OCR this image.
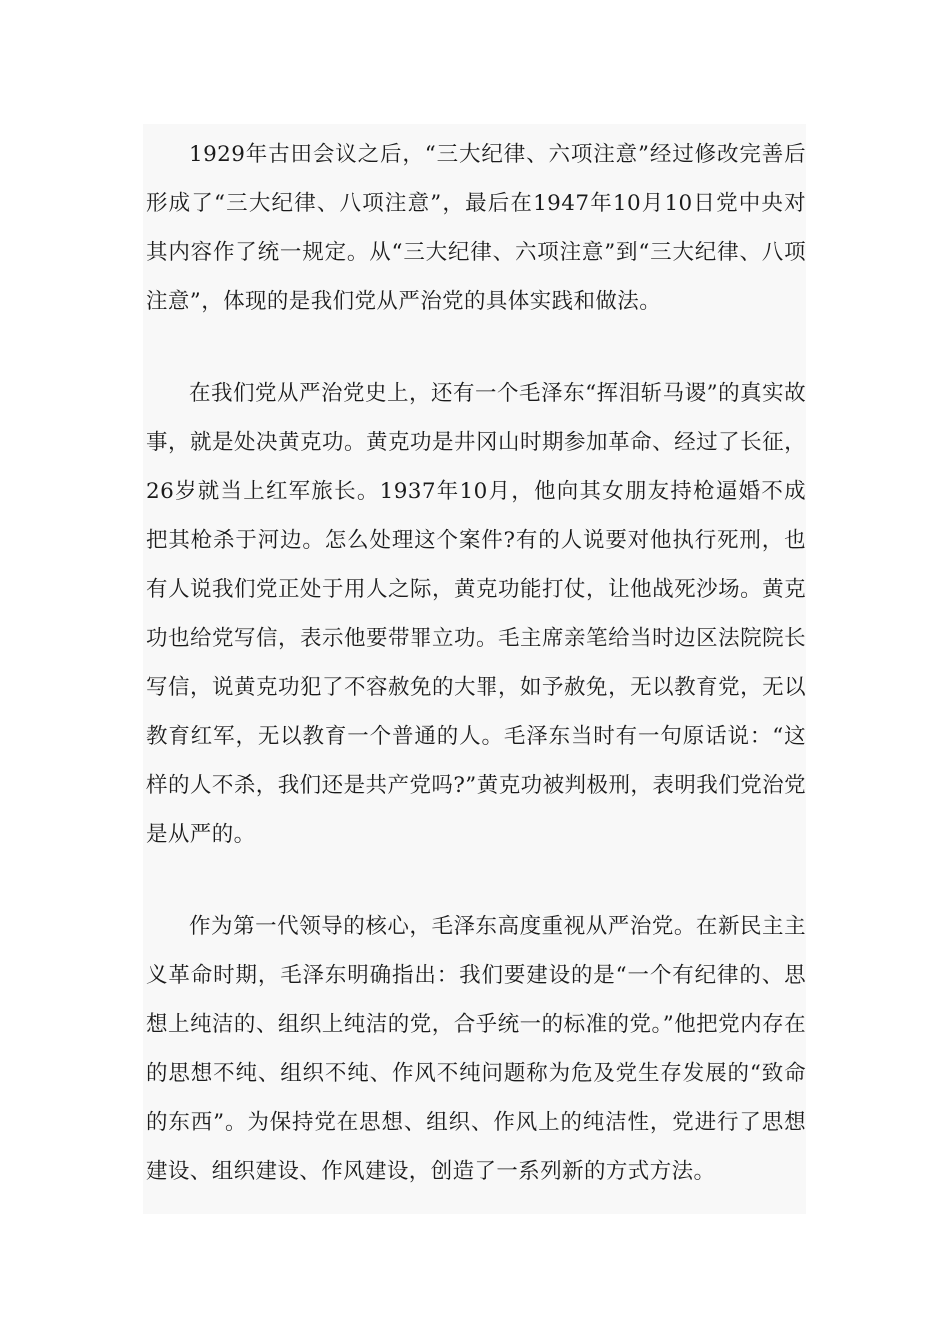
1929年古田会议之后，“三大纪律、六项注意”经过修改完善后形成了“三大纪律、八项注意”，最后在1947年10月10日党中央对其内容作了统一规定。从“三大纪律、六项注意”到“三大纪律、八项注意”，体现的是我们党从严治党的具体实践和做法。

在我们党从严治党史上，还有一个毛泽东“挥泪斩马谡”的真实故事，就是处决黄克功。黄克功是井冈山时期参加革命、经过了长征，26岁就当上红军旅长。1937年10月，他向其女朋友持枪逼婚不成把其枪杀于河边。怎么处理这个案件?有的人说要对他执行死刑，也有人说我们党正处于用人之际，黄克功能打仗，让他战死沙场。黄克功也给党写信，表示他要带罪立功。毛主席亲笔给当时边区法院院长写信，说黄克功犯了不容赦免的大罪，如予赦免，无以教育党，无以教育红军，无以教育一个普通的人。毛泽东当时有一句原话说：“这样的人不杀，我们还是共产党吗?”黄克功被判极刑，表明我们党治党是从严的。

作为第一代领导的核心，毛泽东高度重视从严治党。在新民主主义革命时期，毛泽东明确指出：我们要建设的是“一个有纪律的、思想上纯洁的、组织上纯洁的党，合乎统一的标准的党。”他把党内存在的思想不纯、组织不纯、作风不纯问题称为危及党生存发展的“致命的东西”。为保持党在思想、组织、作风上的纯洁性，党进行了思想建设、组织建设、作风建设，创造了一系列新的方式方法。
